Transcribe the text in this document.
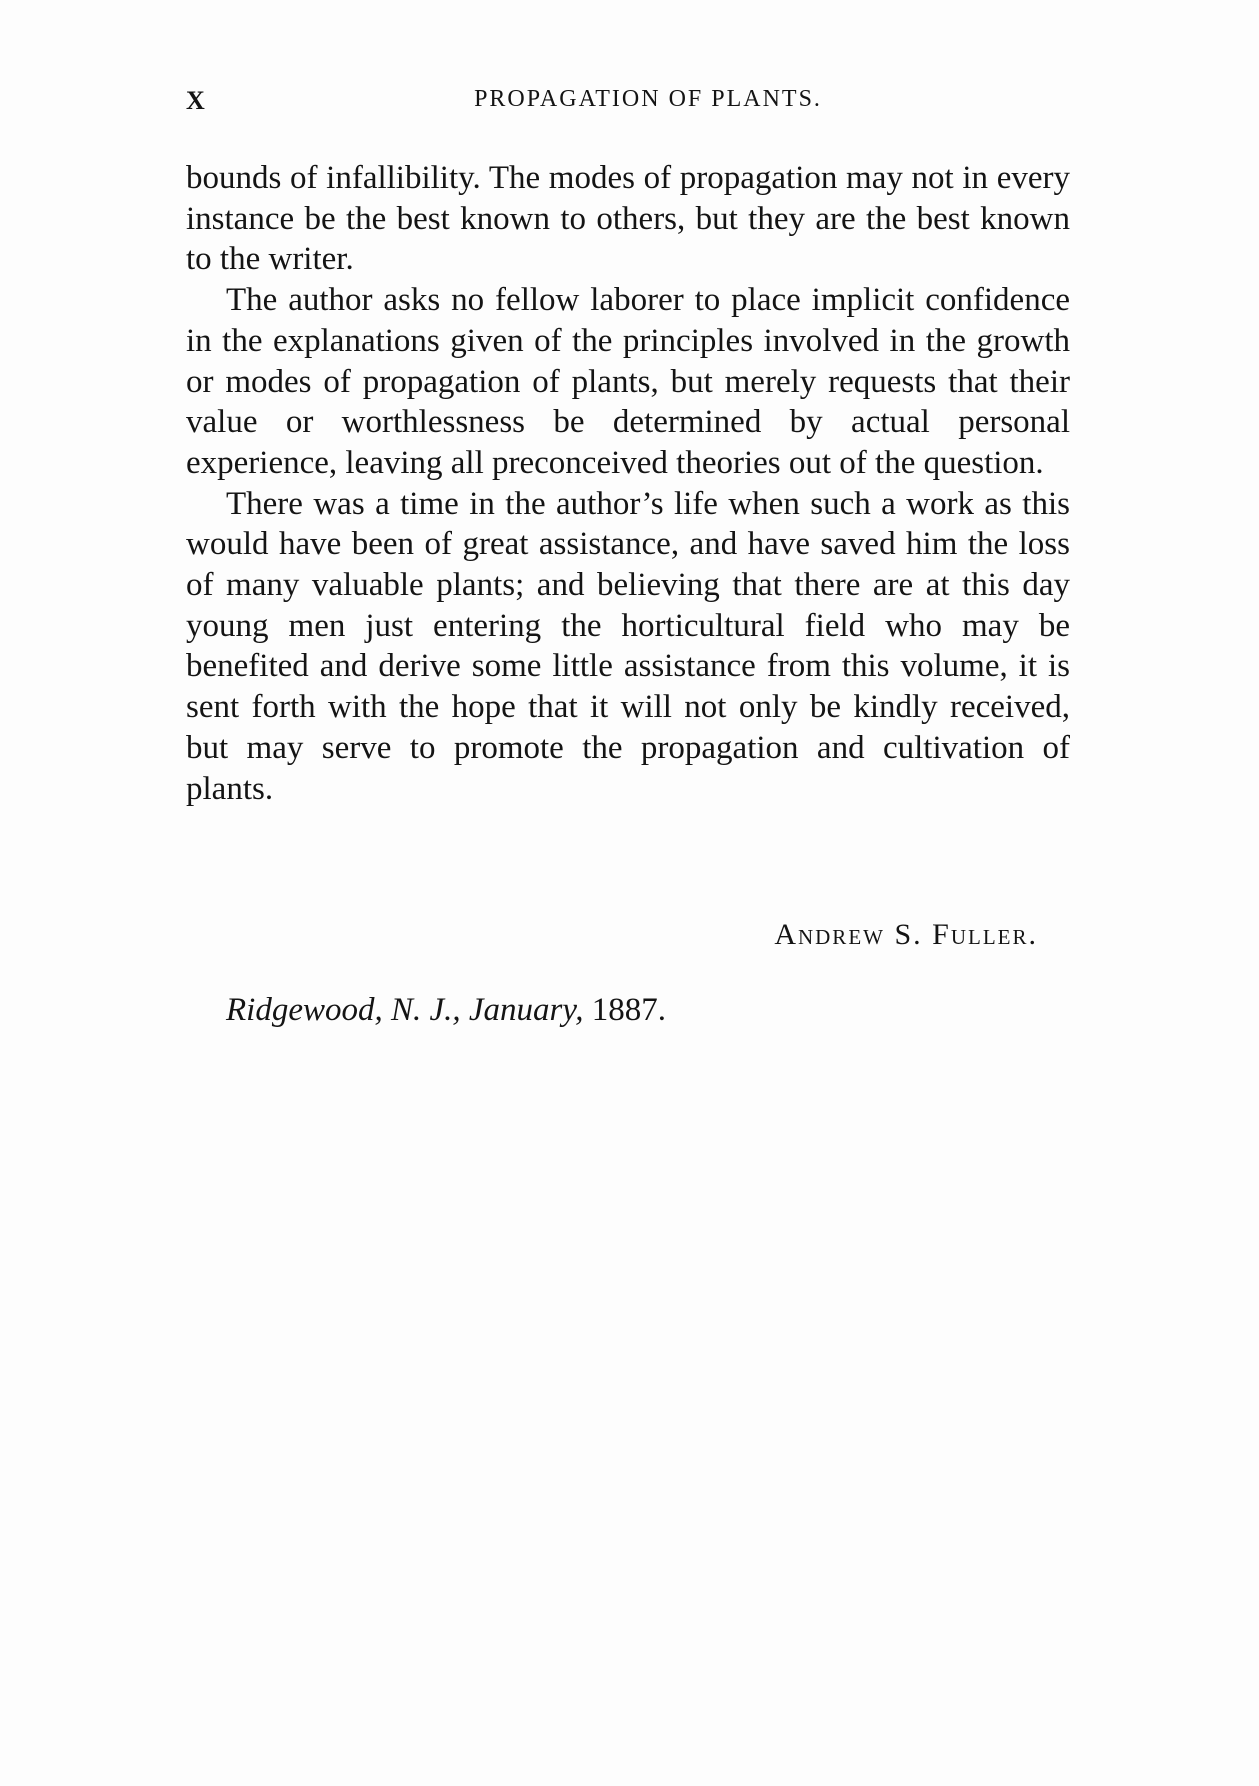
X	PROPAGATION OF PLANTS.

bounds of infallibility. The modes of propagation may not in every instance be the best known to others, but they are the best known to the writer.

The author asks no fellow laborer to place implicit confidence in the explanations given of the principles involved in the growth or modes of propagation of plants, but merely requests that their value or worthlessness be determined by actual personal experience, leaving all preconceived theories out of the question.

There was a time in the author’s life when such a work as this would have been of great assistance, and have saved him the loss of many valuable plants; and believing that there are at this day young men just entering the horticultural field who may be benefited and derive some little assistance from this volume, it is sent forth with the hope that it will not only be kindly received, but may serve to promote the propagation and cultivation of plants.

Andrew S. Fuller.
Ridgewood, N. J., January, 1887.
